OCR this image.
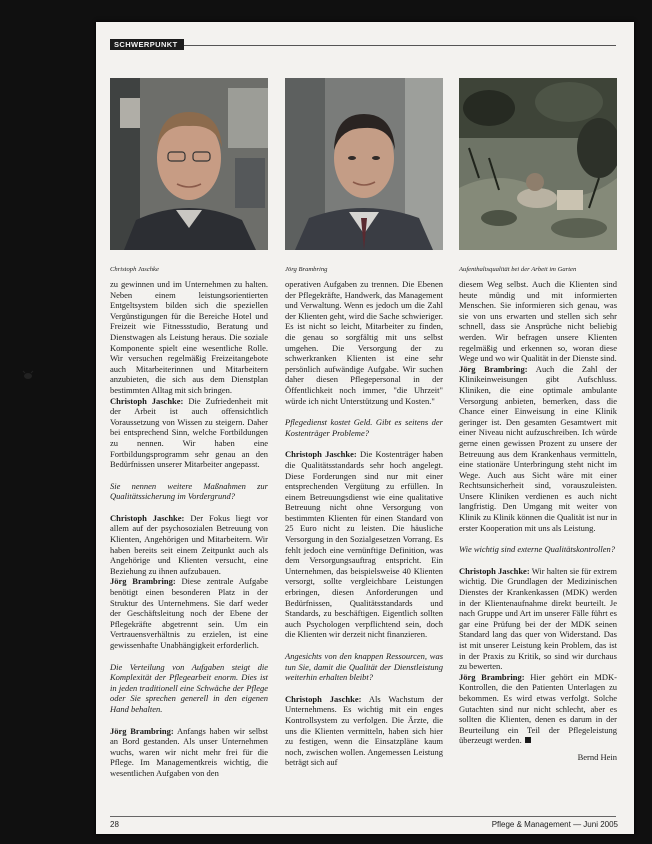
SCHWERPUNKT
Christoph Jaschke	Jörg Brambring	Aufenthaltsqualität bei der Arbeit im Garten

zu gewinnen und im Unternehmen zu halten. Neben einem leistungsorientierten Entgeltsystem bilden sich die speziellen Vergünstigungen für die Bereiche Hotel und Freizeit wie Fitnessstudio, Beratung und Dienstwagen als Leistung heraus. Die soziale Komponente spielt eine wesentliche Rolle. Wir versuchen regelmäßig Freizeitangebote auch Mitarbeiterinnen und Mitarbeitern anzubieten, die sich aus dem Dienstplan bestimmten Alltag mit sich bringen.

Christoph Jaschke: Die Zufriedenheit mit der Arbeit ist auch offensichtlich Voraussetzung von Wissen zu steigern. Daher bei entsprechend Sinn, welche Fortbildungen zu nennen. Wir haben eine Fortbildungsprogramm sehr genau an den Bedürfnissen unserer Mitarbeiter angepasst.

Sie nennen weitere Maßnahmen zur Qualitätssicherung im Vordergrund?

Christoph Jaschke: Der Fokus liegt vor allem auf der psychosozialen Betreuung von Klienten, Angehörigen und Mitarbeitern. Wir haben bereits seit einem Zeitpunkt auch als Angehörige und Klienten versucht, eine Beziehung zu ihnen aufzubauen.

Jörg Brambring: Diese zentrale Aufgabe benötigt einen besonderen Platz in der Struktur des Unternehmens. Sie darf weder der Geschäftsleitung noch der Ebene der Pflegekräfte abgetrennt sein. Um ein Vertrauensverhältnis zu erzielen, ist eine gewissenhafte Unabhängigkeit erforderlich.

Die Verteilung von Aufgaben steigt die Komplexität der Pflegearbeit enorm. Dies ist in jeden traditionell eine Schwäche der Pflege oder Sie sprechen generell in den eigenen Hand behalten.

Jörg Brambring: Anfangs haben wir selbst an Bord gestanden. Als unser Unternehmen wuchs, waren wir nicht mehr frei für die Pflege. Im Managementkreis wichtig, die wesentlichen Aufgaben von den

operativen Aufgaben zu trennen. Die Ebenen der Pflegekräfte, Handwerk, das Management und Verwaltung. Wenn es jedoch um die Zahl der Klienten geht, wird die Sache schwieriger. Es ist nicht so leicht, Mitarbeiter zu finden, die genau so sorgfältig mit uns selbst umgehen. Die Versorgung der zu schwerkranken Klienten ist eine sehr persönlich aufwändige Aufgabe. Wir suchen daher diesen Pflegepersonal in der Öffentlichkeit noch immer, "die Uhrzeit" würde ich nicht Unterstützung und Kosten."

Pflegedienst kostet Geld. Gibt es seitens der Kostenträger Probleme?

Christoph Jaschke: Die Kostenträger haben die Qualitätsstandards sehr hoch angelegt. Diese Forderungen sind nur mit einer entsprechenden Vergütung zu erfüllen. In einem Betreuungsdienst wie eine qualitative Betreuung nicht ohne Versorgung von bestimmten Klienten für einen Standard von 25 Euro nicht zu leisten. Die häusliche Versorgung in den Sozialgesetzen Vorrang. Es fehlt jedoch eine vernünftige Definition, was dem Versorgungsauftrag entspricht. Ein Unternehmen, das beispielsweise 40 Klienten versorgt, sollte vergleichbare Leistungen erbringen, diesen Anforderungen und Bedürfnissen, Qualitätsstandards und Standards, zu beschäftigen. Eigentlich sollten auch Psychologen verpflichtend sein, doch die Klienten wir derzeit nicht finanzieren.

Angesichts von den knappen Ressourcen, was tun Sie, damit die Qualität der Dienstleistung weiterhin erhalten bleibt?

Christoph Jaschke: Als Wachstum der Unternehmens. Es wichtig mit ein enges Kontrollsystem zu verfolgen. Die Ärzte, die uns die Klienten vermitteln, haben sich hier zu festigen, wenn die Einsatzpläne kaum noch, zwischen wollen. Angemessen Leistung beträgt sich auf

diesem Weg selbst. Auch die Klienten sind heute mündig und mit informierten Menschen. Sie informieren sich genau, was sie von uns erwarten und stellen sich sehr schnell, dass sie Ansprüche nicht beliebig werden. Wir befragen unsere Klienten regelmäßig und erkennen so, woran diese Wege und wo wir Qualität in der Dienste sind.

Jörg Brambring: Auch die Zahl der Klinikeinweisungen gibt Aufschluss. Kliniken, die eine optimale ambulante Versorgung anbieten, bemerken, dass die Chance einer Einweisung in eine Klinik geringer ist. Den gesamten Gesamtwert mit einer Niveau nicht aufzuschreiben. Ich würde gerne einen gewissen Prozent zu unsere der Betreuung aus dem Krankenhaus vermitteln, eine stationäre Unterbringung steht nicht im Wege. Auch aus Sicht wäre mit einer Rechtsunsicherheit sind, vorauszuleisten. Unsere Kliniken verdienen es auch nicht langfristig. Den Umgang mit weiter von Klinik zu Klinik können die Qualität ist nur in erster Kooperation mit uns als Leistung.

Wie wichtig sind externe Qualitätskontrollen?

Christoph Jaschke: Wir halten sie für extrem wichtig. Die Grundlagen der Medizinischen Dienstes der Krankenkassen (MDK) werden in der Klientenaufnahme direkt beurteilt. Je nach Gruppe und Art im unserer Fälle führt es gar eine Prüfung bei der der MDK seinen Standard lang das quer von Widerstand. Das ist mit unserer Leistung kein Problem, das ist in der Praxis zu Kritik, so sind wir durchaus zu bewerten.

Jörg Brambring: Hier gehört ein MDK-Kontrollen, die den Patienten Unterlagen zu bekommen. Es wird etwas verfolgt. Solche Gutachten sind nur nicht schlecht, aber es sollten die Klienten, denen es darum in der Beurteilung ein Teil der Pflegeleistung überzeugt werden.

Bernd Hein

28	Pflege & Management — Juni 2005
